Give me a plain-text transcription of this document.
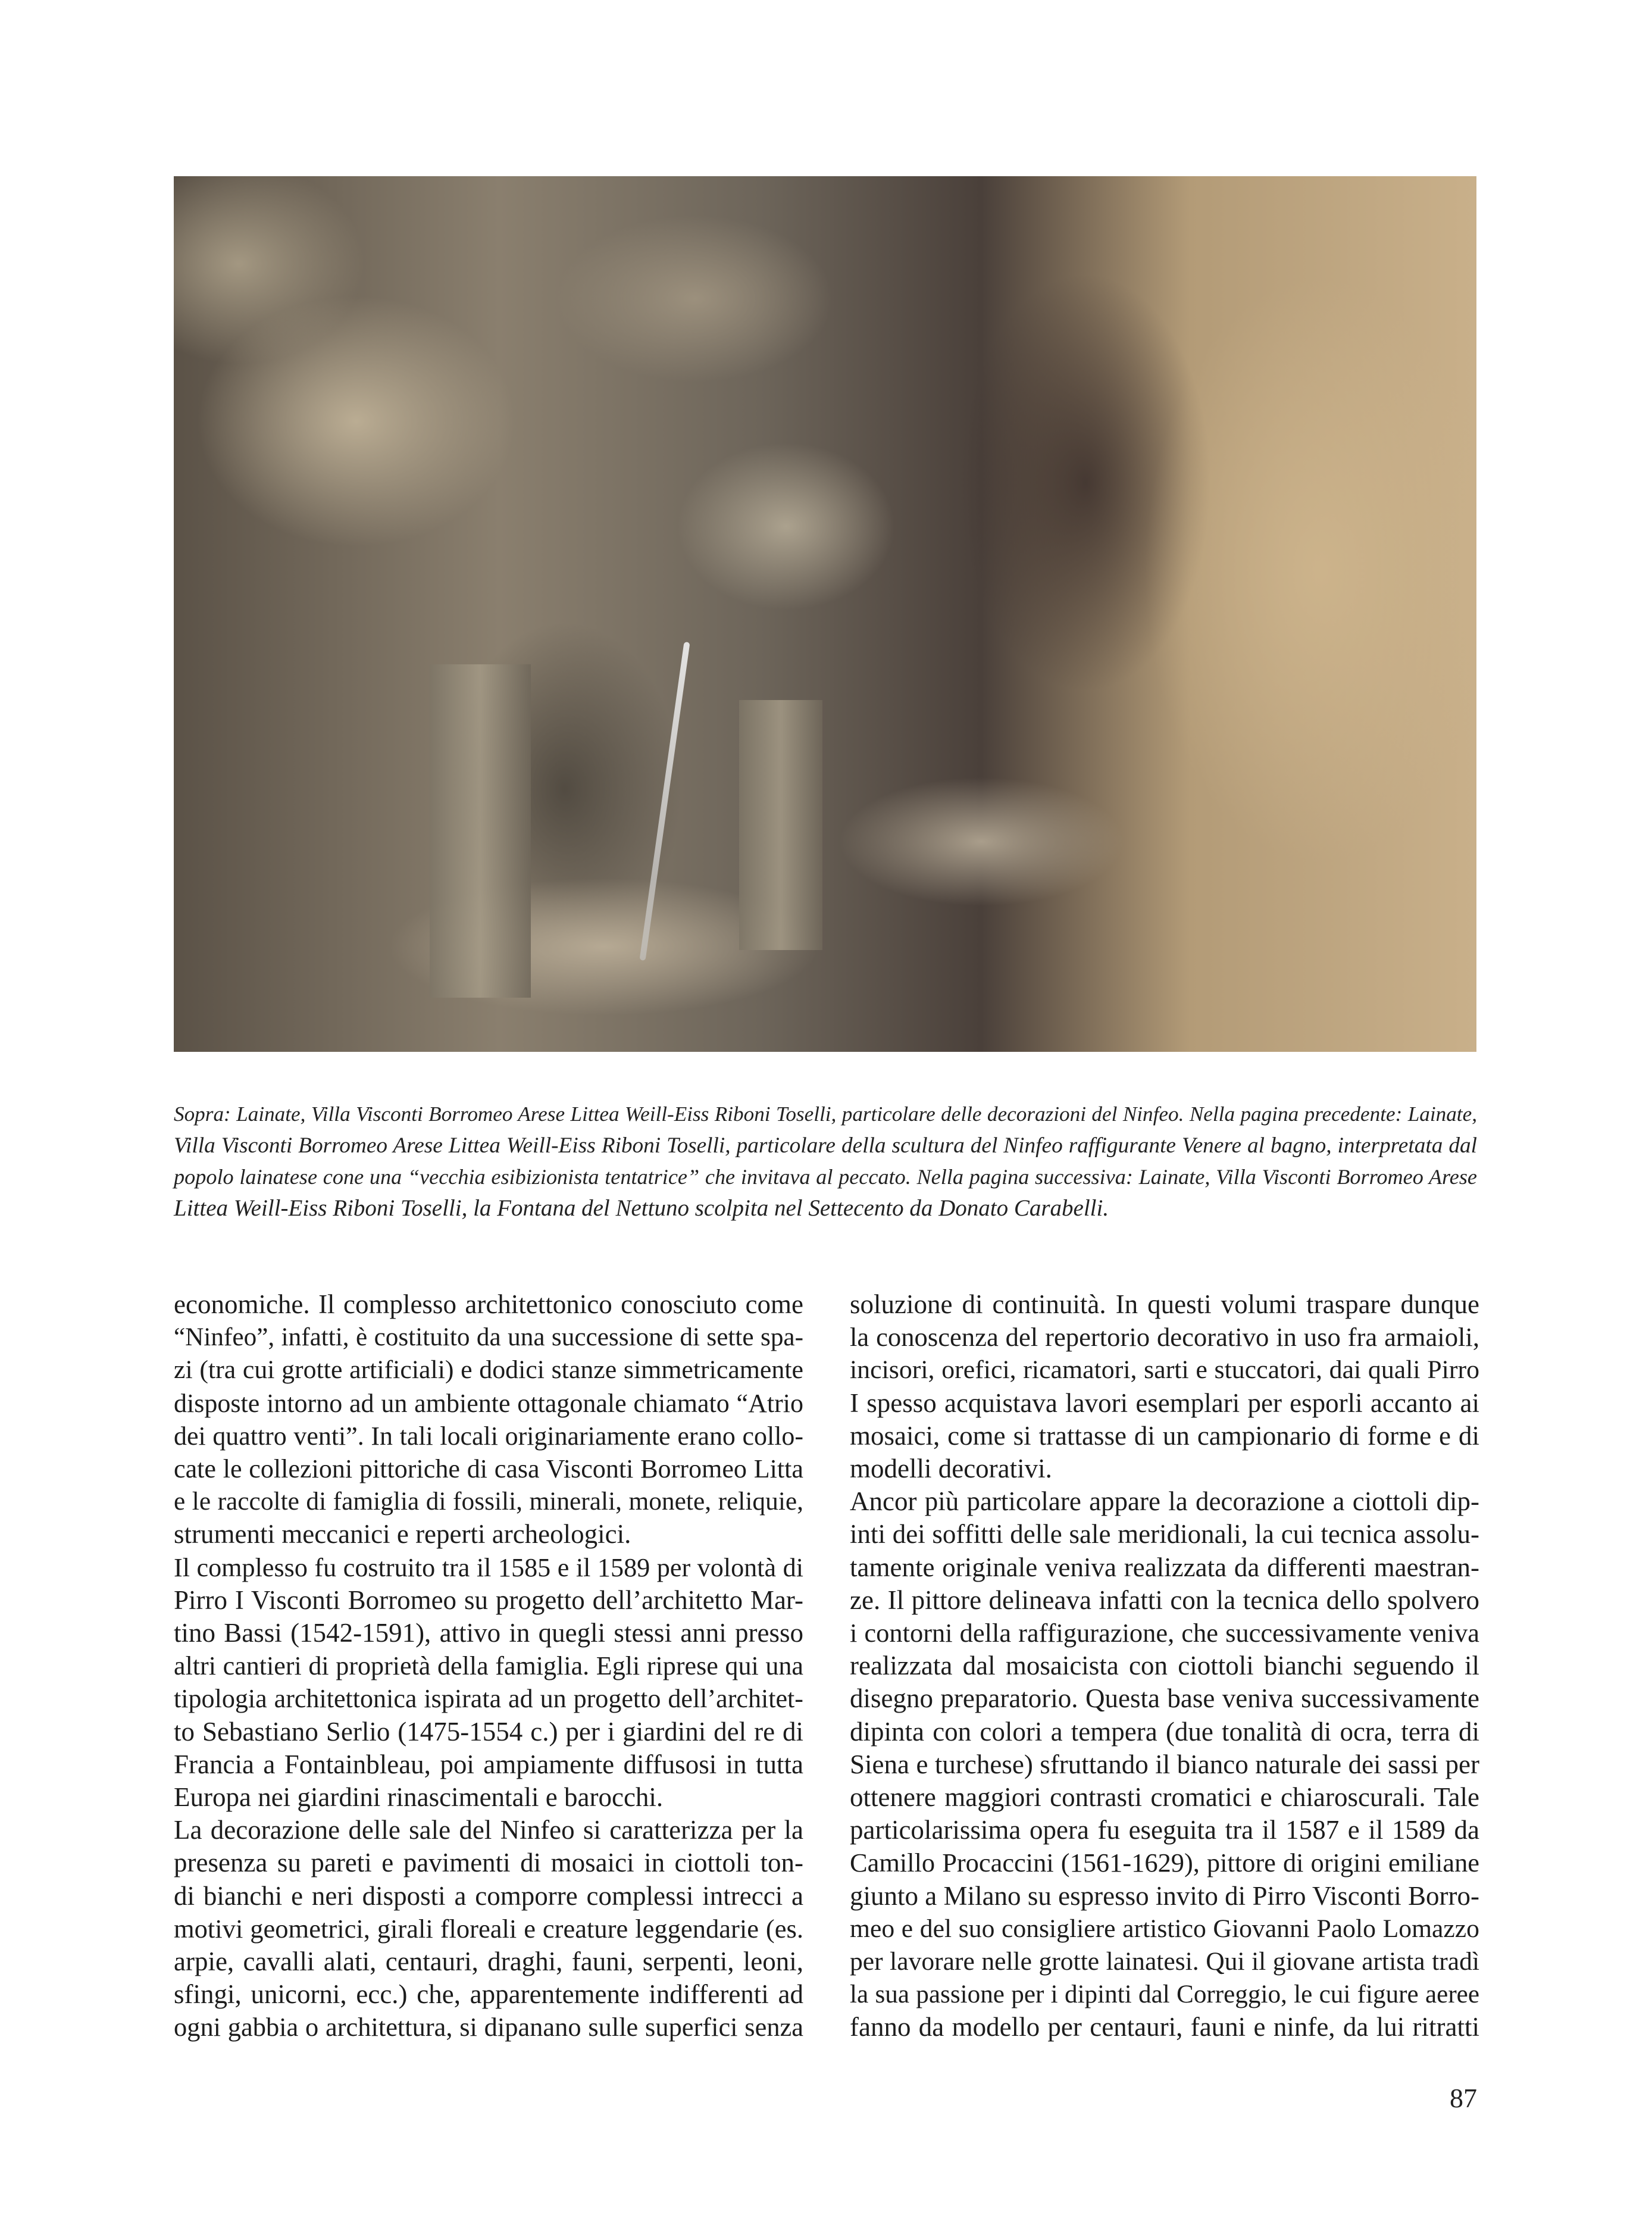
Sopra: Lainate, Villa Visconti Borromeo Arese Littea Weill-Eiss Riboni Toselli, particolare delle decorazioni del Ninfeo. Nella pagina precedente: Lainate,
Villa Visconti Borromeo Arese Littea Weill-Eiss Riboni Toselli, particolare della scultura del Ninfeo raffigurante Venere al bagno, interpretata dal
popolo lainatese cone una “vecchia esibizionista tentatrice” che invitava al peccato. Nella pagina successiva: Lainate, Villa Visconti Borromeo Arese
Littea Weill-Eiss Riboni Toselli, la Fontana del Nettuno scolpita nel Settecento da Donato Carabelli.
economiche. Il complesso architettonico conosciuto come
“Ninfeo”, infatti, è costituito da una successione di sette spa-
zi (tra cui grotte artificiali) e dodici stanze simmetricamente
disposte intorno ad un ambiente ottagonale chiamato “Atrio
dei quattro venti”. In tali locali originariamente erano collo-
cate le collezioni pittoriche di casa Visconti Borromeo Litta
e le raccolte di famiglia di fossili, minerali, monete, reliquie,
strumenti meccanici e reperti archeologici.
Il complesso fu costruito tra il 1585 e il 1589 per volontà di
Pirro I Visconti Borromeo su progetto dell’architetto Mar-
tino Bassi (1542-1591), attivo in quegli stessi anni presso
altri cantieri di proprietà della famiglia. Egli riprese qui una
tipologia architettonica ispirata ad un progetto dell’architet-
to Sebastiano Serlio (1475-1554 c.) per i giardini del re di
Francia a Fontainbleau, poi ampiamente diffusosi in tutta
Europa nei giardini rinascimentali e barocchi.
La decorazione delle sale del Ninfeo si caratterizza per la
presenza su pareti e pavimenti di mosaici in ciottoli ton-
di bianchi e neri disposti a comporre complessi intrecci a
motivi geometrici, girali floreali e creature leggendarie (es.
arpie, cavalli alati, centauri, draghi, fauni, serpenti, leoni,
sfingi, unicorni, ecc.) che, apparentemente indifferenti ad
ogni gabbia o architettura, si dipanano sulle superfici senza
soluzione di continuità. In questi volumi traspare dunque
la conoscenza del repertorio decorativo in uso fra armaioli,
incisori, orefici, ricamatori, sarti e stuccatori, dai quali Pirro
I spesso acquistava lavori esemplari per esporli accanto ai
mosaici, come si trattasse di un campionario di forme e di
modelli decorativi.
Ancor più particolare appare la decorazione a ciottoli dip-
inti dei soffitti delle sale meridionali, la cui tecnica assolu-
tamente originale veniva realizzata da differenti maestran-
ze. Il pittore delineava infatti con la tecnica dello spolvero
i contorni della raffigurazione, che successivamente veniva
realizzata dal mosaicista con ciottoli bianchi seguendo il
disegno preparatorio. Questa base veniva successivamente
dipinta con colori a tempera (due tonalità di ocra, terra di
Siena e turchese) sfruttando il bianco naturale dei sassi per
ottenere maggiori contrasti cromatici e chiaroscurali. Tale
particolarissima opera fu eseguita tra il 1587 e il 1589 da
Camillo Procaccini (1561-1629), pittore di origini emiliane
giunto a Milano su espresso invito di Pirro Visconti Borro-
meo e del suo consigliere artistico Giovanni Paolo Lomazzo
per lavorare nelle grotte lainatesi. Qui il giovane artista tradì
la sua passione per i dipinti dal Correggio, le cui figure aeree
fanno da modello per centauri, fauni e ninfe, da lui ritratti
87
